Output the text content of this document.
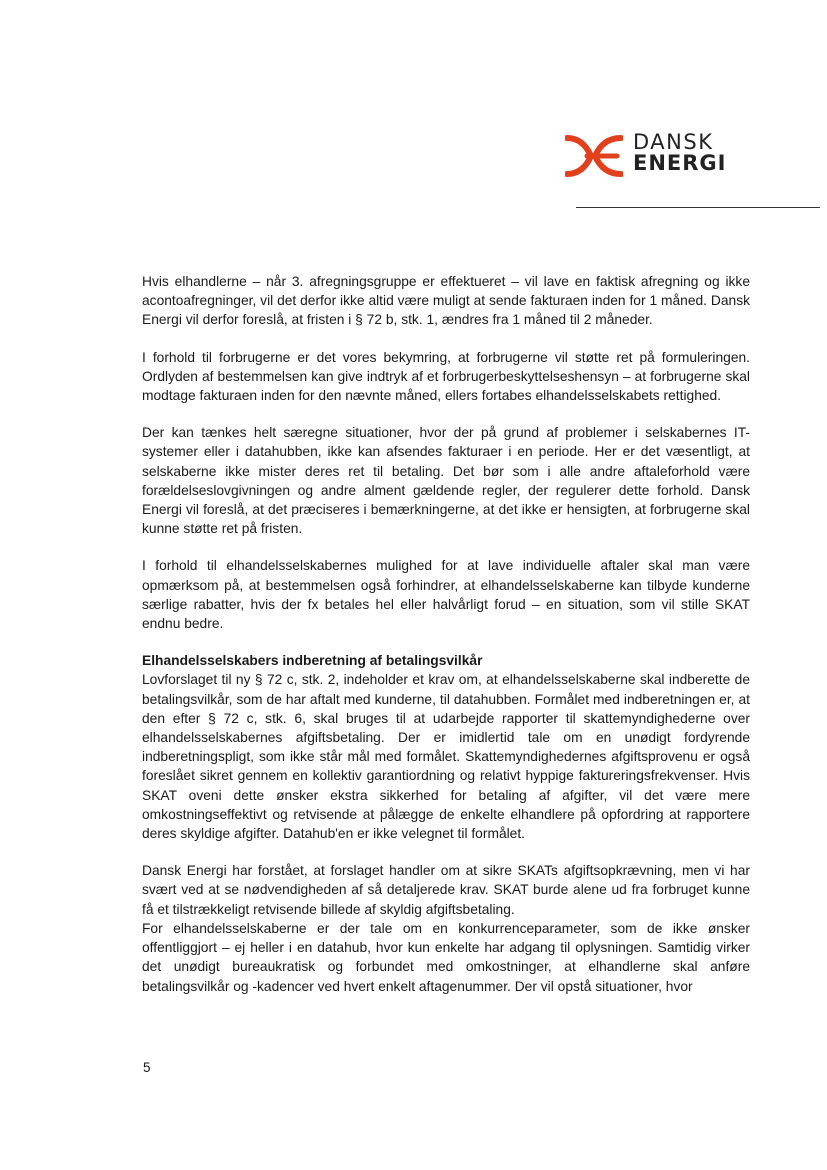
DANSK
ENERGI

Hvis elhandlerne – når 3. afregningsgruppe er effektueret – vil lave en faktisk afregning og ikke acontoafregninger, vil det derfor ikke altid være muligt at sende fakturaen inden for 1 måned. Dansk Energi vil derfor foreslå, at fristen i § 72 b, stk. 1, ændres fra 1 måned til 2 måneder.

I forhold til forbrugerne er det vores bekymring, at forbrugerne vil støtte ret på formuleringen. Ordlyden af bestemmelsen kan give indtryk af et forbrugerbeskyttelseshensyn – at forbrugerne skal modtage fakturaen inden for den nævnte måned, ellers fortabes elhandelsselskabets rettighed.

Der kan tænkes helt særegne situationer, hvor der på grund af problemer i selskabernes IT-systemer eller i datahubben, ikke kan afsendes fakturaer i en periode. Her er det væsentligt, at selskaberne ikke mister deres ret til betaling. Det bør som i alle andre aftaleforhold være forældelseslovgivningen og andre alment gældende regler, der regulerer dette forhold. Dansk Energi vil foreslå, at det præciseres i bemærkningerne, at det ikke er hensigten, at forbrugerne skal kunne støtte ret på fristen.

I forhold til elhandelsselskabernes mulighed for at lave individuelle aftaler skal man være opmærksom på, at bestemmelsen også forhindrer, at elhandelsselskaberne kan tilbyde kunderne særlige rabatter, hvis der fx betales hel eller halvårligt forud – en situation, som vil stille SKAT endnu bedre.

Elhandelsselskabers indberetning af betalingsvilkår

Lovforslaget til ny § 72 c, stk. 2, indeholder et krav om, at elhandelsselskaberne skal indberette de betalingsvilkår, som de har aftalt med kunderne, til datahubben. Formålet med indberetningen er, at den efter § 72 c, stk. 6, skal bruges til at udarbejde rapporter til skattemyndighederne over elhandelsselskabernes afgiftsbetaling. Der er imidlertid tale om en unødigt fordyrende indberetningspligt, som ikke står mål med formålet. Skattemyndighedernes afgiftsprovenu er også foreslået sikret gennem en kollektiv garantiordning og relativt hyppige faktureringsfrekvenser. Hvis SKAT oveni dette ønsker ekstra sikkerhed for betaling af afgifter, vil det være mere omkostningseffektivt og retvisende at pålægge de enkelte elhandlere på opfordring at rapportere deres skyldige afgifter. Datahub'en er ikke velegnet til formålet.

Dansk Energi har forstået, at forslaget handler om at sikre SKATs afgiftsopkrævning, men vi har svært ved at se nødvendigheden af så detaljerede krav. SKAT burde alene ud fra forbruget kunne få et tilstrækkeligt retvisende billede af skyldig afgiftsbetaling.

For elhandelsselskaberne er der tale om en konkurrenceparameter, som de ikke ønsker offentliggjort – ej heller i en datahub, hvor kun enkelte har adgang til oplysningen. Samtidig virker det unødigt bureaukratisk og forbundet med omkostninger, at elhandlerne skal anføre betalingsvilkår og -kadencer ved hvert enkelt aftagenummer. Der vil opstå situationer, hvor

5
